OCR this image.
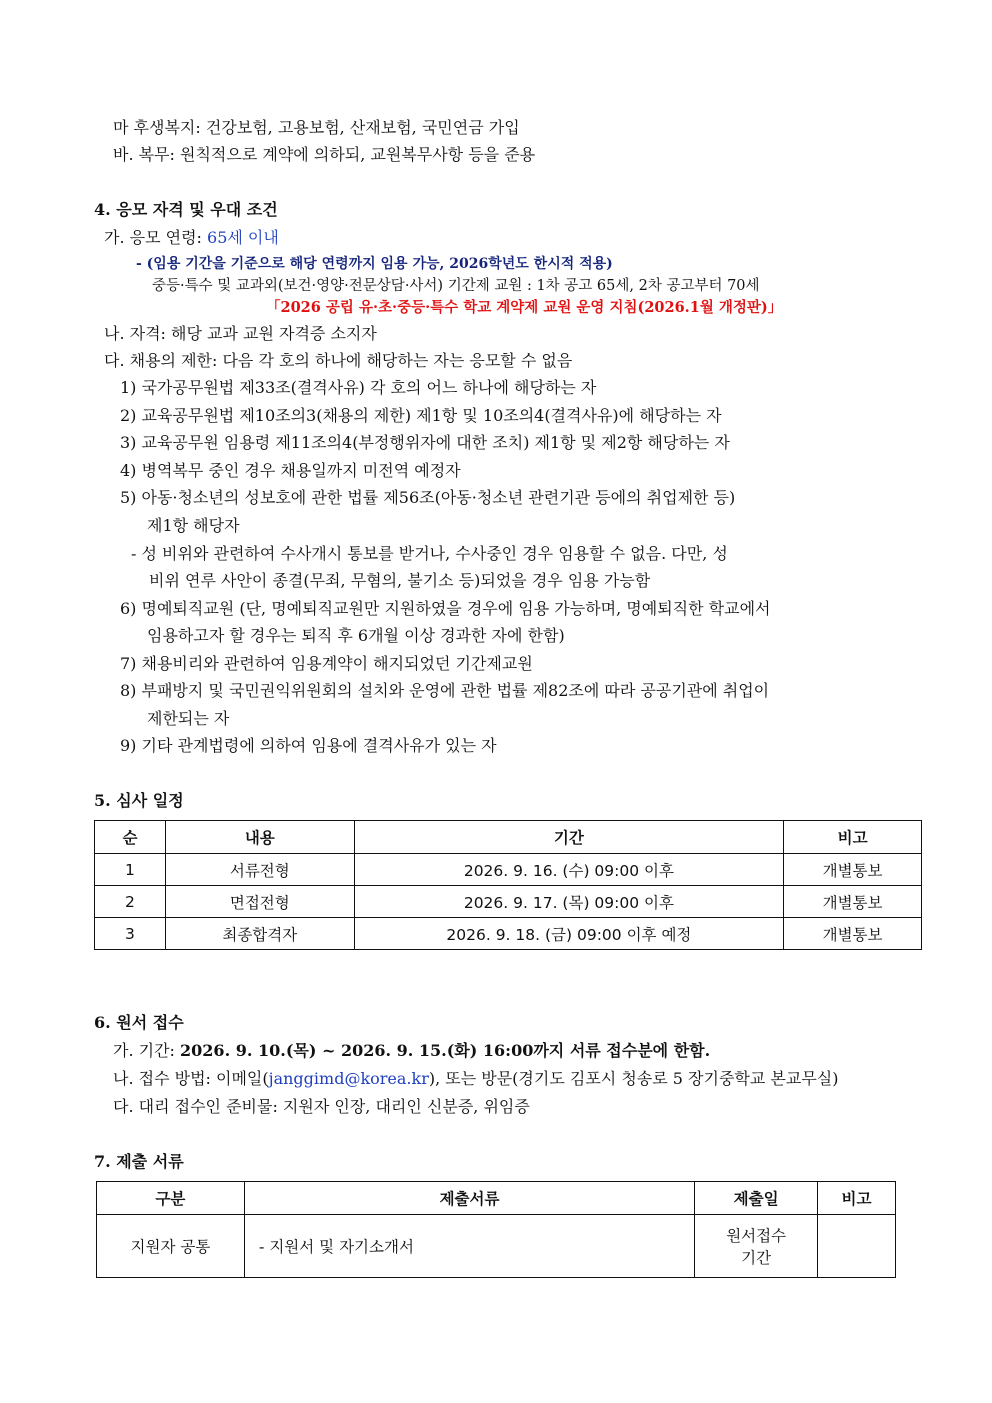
마 후생복지: 건강보험, 고용보험, 산재보험, 국민연금 가입
바. 복무: 원칙적으로 계약에 의하되, 교원복무사항 등을 준용
4. 응모 자격 및 우대 조건
가. 응모 연령: 65세 이내
- (임용 기간을 기준으로 해당 연령까지 임용 가능, 2026학년도 한시적 적용)
중등·특수 및 교과외(보건·영양·전문상담·사서) 기간제 교원 : 1차 공고 65세, 2차 공고부터 70세
「2026 공립 유·초·중등·특수 학교 계약제 교원 운영 지침(2026.1월 개정판)」
나. 자격: 해당 교과 교원 자격증 소지자
다. 채용의 제한: 다음 각 호의 하나에 해당하는 자는 응모할 수 없음
1) 국가공무원법 제33조(결격사유) 각 호의 어느 하나에 해당하는 자
2) 교육공무원법 제10조의3(채용의 제한) 제1항 및 10조의4(결격사유)에 해당하는 자
3) 교육공무원 임용령 제11조의4(부정행위자에 대한 조치) 제1항 및 제2항 해당하는 자
4) 병역복무 중인 경우 채용일까지 미전역 예정자
5) 아동·청소년의 성보호에 관한 법률 제56조(아동·청소년 관련기관 등에의 취업제한 등)
제1항 해당자
- 성 비위와 관련하여 수사개시 통보를 받거나, 수사중인 경우 임용할 수 없음. 다만, 성
비위 연루 사안이 종결(무죄, 무혐의, 불기소 등)되었을 경우 임용 가능함
6) 명예퇴직교원 (단, 명예퇴직교원만 지원하였을 경우에 임용 가능하며, 명예퇴직한 학교에서
임용하고자 할 경우는 퇴직 후 6개월 이상 경과한 자에 한함)
7) 채용비리와 관련하여 임용계약이 해지되었던 기간제교원
8) 부패방지 및 국민권익위원회의 설치와 운영에 관한 법률 제82조에 따라 공공기관에 취업이
제한되는 자
9) 기타 관계법령에 의하여 임용에 결격사유가 있는 자
5. 심사 일정
순	내용	기간	비고
1	서류전형	2026. 9. 16. (수) 09:00 이후	개별통보
2	면접전형	2026. 9. 17. (목) 09:00 이후	개별통보
3	최종합격자	2026. 9. 18. (금) 09:00 이후 예정	개별통보
6. 원서 접수
가. 기간: 2026. 9. 10.(목) ~ 2026. 9. 15.(화) 16:00까지 서류 접수분에 한함.
나. 접수 방법: 이메일(janggimd@korea.kr), 또는 방문(경기도 김포시 청송로 5 장기중학교 본교무실)
다. 대리 접수인 준비물: 지원자 인장, 대리인 신분증, 위임증
7. 제출 서류
구분	제출서류	제출일	비고
지원자 공통	- 지원서 및 자기소개서	원서접수
기간	
